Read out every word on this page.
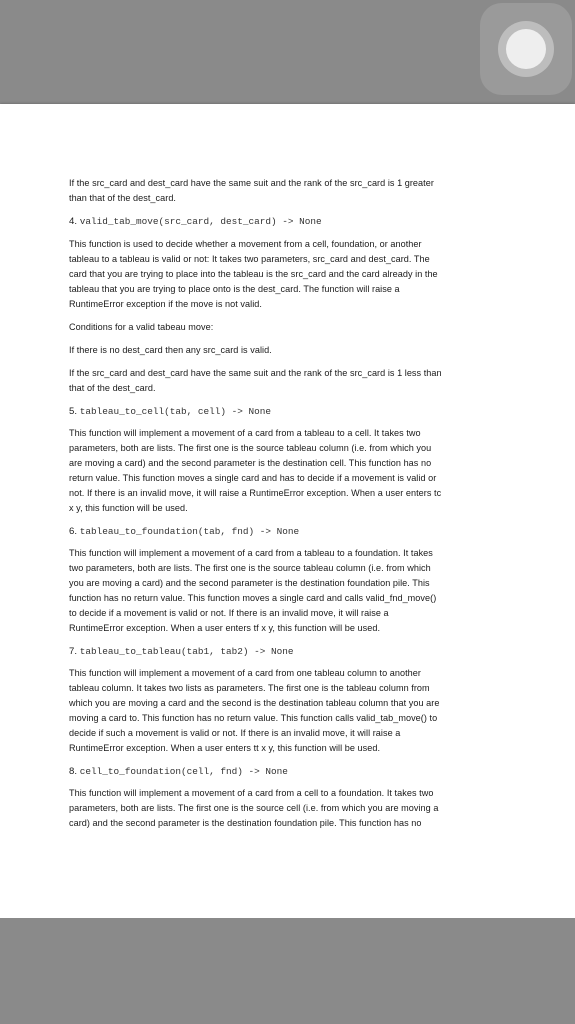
If the src_card and dest_card have the same suit and the rank of the src_card is 1 greater

than that of the dest_card.

4. valid_tab_move(src_card, dest_card) -> None

This function is used to decide whether a movement from a cell, foundation, or another

tableau to a tableau is valid or not: It takes two parameters, src_card and dest_card. The

card that you are trying to place into the tableau is the src_card and the card already in the

tableau that you are trying to place onto is the dest_card. The function will raise a

RuntimeError exception if the move is not valid.

Conditions for a valid tabeau move:

If there is no dest_card then any src_card is valid.

If the src_card and dest_card have the same suit and the rank of the src_card is 1 less than

that of the dest_card.

5. tableau_to_cell(tab, cell) -> None

This function will implement a movement of a card from a tableau to a cell. It takes two

parameters, both are lists. The first one is the source tableau column (i.e. from which you

are moving a card) and the second parameter is the destination cell. This function has no

return value. This function moves a single card and has to decide if a movement is valid or

not. If there is an invalid move, it will raise a RuntimeError exception. When a user enters tc

x y, this function will be used.

6. tableau_to_foundation(tab, fnd) -> None

This function will implement a movement of a card from a tableau to a foundation. It takes

two parameters, both are lists. The first one is the source tableau column (i.e. from which

you are moving a card) and the second parameter is the destination foundation pile. This

function has no return value. This function moves a single card and calls valid_fnd_move()

to decide if a movement is valid or not. If there is an invalid move, it will raise a

RuntimeError exception. When a user enters tf x y, this function will be used.

7. tableau_to_tableau(tab1, tab2) -> None

This function will implement a movement of a card from one tableau column to another

tableau column. It takes two lists as parameters. The first one is the tableau column from

which you are moving a card and the second is the destination tableau column that you are

moving a card to. This function has no return value. This function calls valid_tab_move() to

decide if such a movement is valid or not. If there is an invalid move, it will raise a

RuntimeError exception. When a user enters tt x y, this function will be used.

8. cell_to_foundation(cell, fnd) -> None

This function will implement a movement of a card from a cell to a foundation. It takes two

parameters, both are lists. The first one is the source cell (i.e. from which you are moving a

card) and the second parameter is the destination foundation pile. This function has no
